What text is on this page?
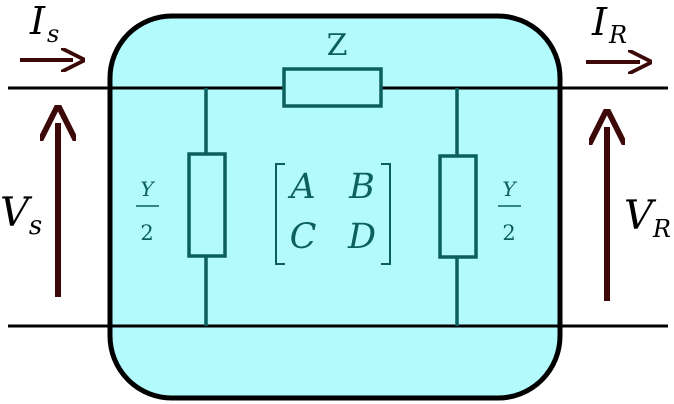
Z
Y
2
Y
2
A B
C D
$I_s$	$I_R$
$V_s$	$V_R$
